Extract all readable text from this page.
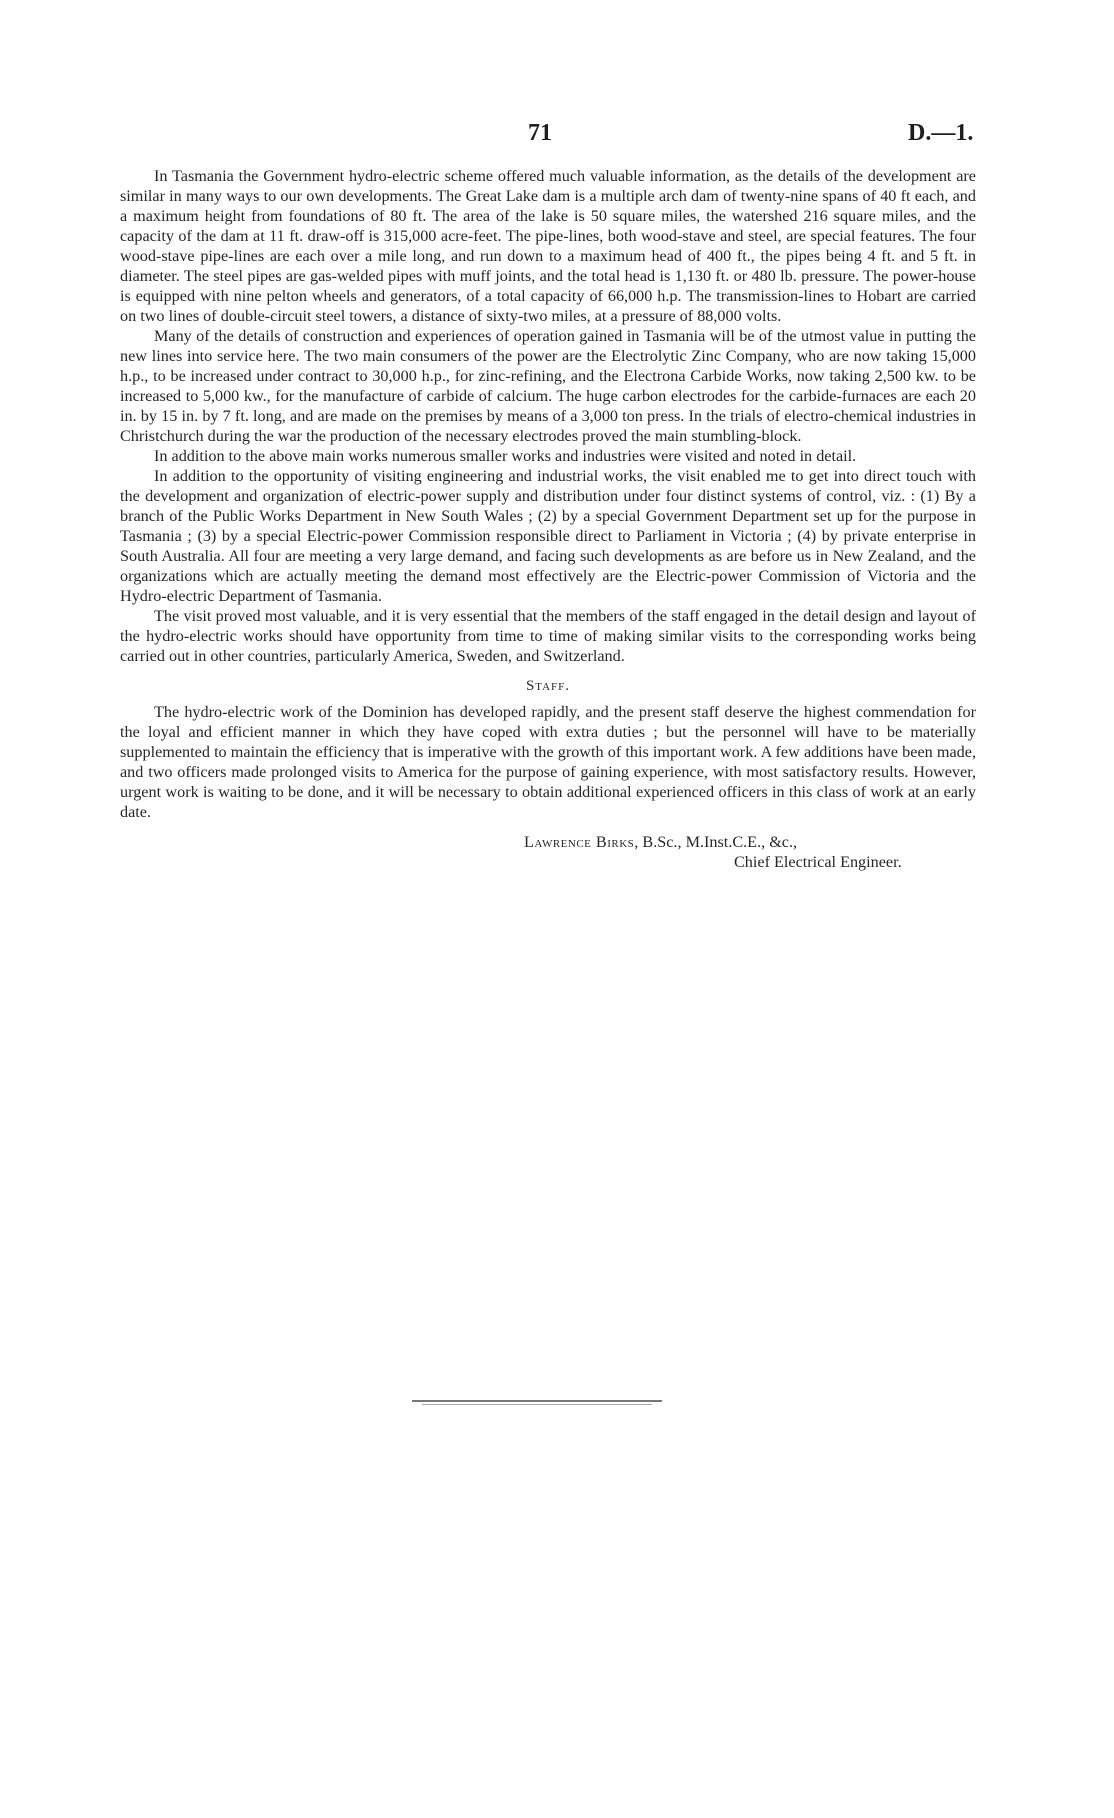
71	D.—1.

In Tasmania the Government hydro-electric scheme offered much valuable information, as the details of the development are similar in many ways to our own developments. The Great Lake dam is a multiple arch dam of twenty-nine spans of 40 ft each, and a maximum height from foundations of 80 ft. The area of the lake is 50 square miles, the watershed 216 square miles, and the capacity of the dam at 11 ft. draw-off is 315,000 acre-feet. The pipe-lines, both wood-stave and steel, are special features. The four wood-stave pipe-lines are each over a mile long, and run down to a maximum head of 400 ft., the pipes being 4 ft. and 5 ft. in diameter. The steel pipes are gas-welded pipes with muff joints, and the total head is 1,130 ft. or 480 lb. pressure. The power-house is equipped with nine pelton wheels and generators, of a total capacity of 66,000 h.p. The transmission-lines to Hobart are carried on two lines of double-circuit steel towers, a distance of sixty-two miles, at a pressure of 88,000 volts.

Many of the details of construction and experiences of operation gained in Tasmania will be of the utmost value in putting the new lines into service here. The two main consumers of the power are the Electrolytic Zinc Company, who are now taking 15,000 h.p., to be increased under contract to 30,000 h.p., for zinc-refining, and the Electrona Carbide Works, now taking 2,500 kw. to be increased to 5,000 kw., for the manufacture of carbide of calcium. The huge carbon electrodes for the carbide-furnaces are each 20 in. by 15 in. by 7 ft. long, and are made on the premises by means of a 3,000 ton press. In the trials of electro-chemical industries in Christchurch during the war the production of the necessary electrodes proved the main stumbling-block.

In addition to the above main works numerous smaller works and industries were visited and noted in detail.

In addition to the opportunity of visiting engineering and industrial works, the visit enabled me to get into direct touch with the development and organization of electric-power supply and distribution under four distinct systems of control, viz. : (1) By a branch of the Public Works Department in New South Wales ; (2) by a special Government Department set up for the purpose in Tasmania ; (3) by a special Electric-power Commission responsible direct to Parliament in Victoria ; (4) by private enterprise in South Australia. All four are meeting a very large demand, and facing such developments as are before us in New Zealand, and the organizations which are actually meeting the demand most effectively are the Electric-power Commission of Victoria and the Hydro-electric Department of Tasmania.

The visit proved most valuable, and it is very essential that the members of the staff engaged in the detail design and layout of the hydro-electric works should have opportunity from time to time of making similar visits to the corresponding works being carried out in other countries, particularly America, Sweden, and Switzerland.

Staff.

The hydro-electric work of the Dominion has developed rapidly, and the present staff deserve the highest commendation for the loyal and efficient manner in which they have coped with extra duties ; but the personnel will have to be materially supplemented to maintain the efficiency that is imperative with the growth of this important work. A few additions have been made, and two officers made prolonged visits to America for the purpose of gaining experience, with most satisfactory results. However, urgent work is waiting to be done, and it will be necessary to obtain additional experienced officers in this class of work at an early date.

Lawrence Birks, B.Sc., M.Inst.C.E., &c.,
Chief Electrical Engineer.
